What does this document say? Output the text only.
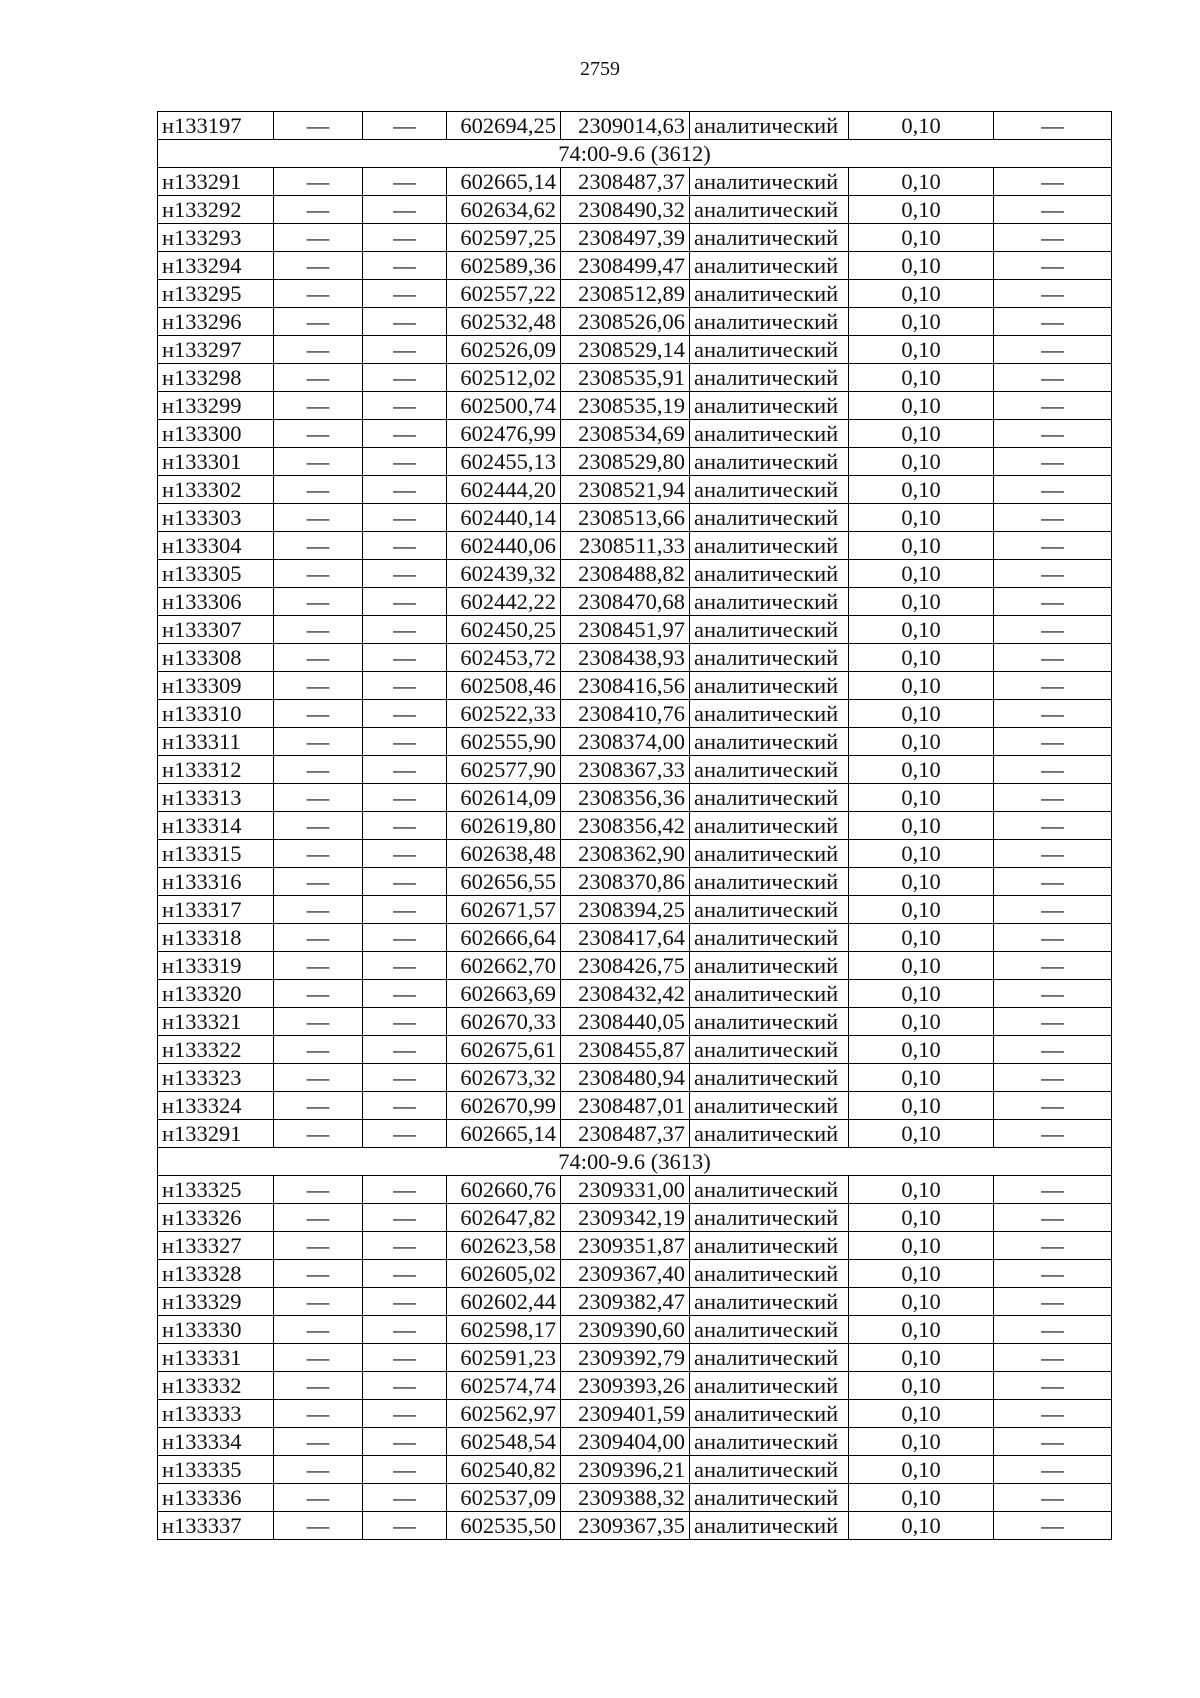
2759
н133197	—	—	602694,25	2309014,63	аналитический	0,10	—
74:00-9.6 (3612)							
н133291	—	—	602665,14	2308487,37	аналитический	0,10	—
н133292	—	—	602634,62	2308490,32	аналитический	0,10	—
н133293	—	—	602597,25	2308497,39	аналитический	0,10	—
н133294	—	—	602589,36	2308499,47	аналитический	0,10	—
н133295	—	—	602557,22	2308512,89	аналитический	0,10	—
н133296	—	—	602532,48	2308526,06	аналитический	0,10	—
н133297	—	—	602526,09	2308529,14	аналитический	0,10	—
н133298	—	—	602512,02	2308535,91	аналитический	0,10	—
н133299	—	—	602500,74	2308535,19	аналитический	0,10	—
н133300	—	—	602476,99	2308534,69	аналитический	0,10	—
н133301	—	—	602455,13	2308529,80	аналитический	0,10	—
н133302	—	—	602444,20	2308521,94	аналитический	0,10	—
н133303	—	—	602440,14	2308513,66	аналитический	0,10	—
н133304	—	—	602440,06	2308511,33	аналитический	0,10	—
н133305	—	—	602439,32	2308488,82	аналитический	0,10	—
н133306	—	—	602442,22	2308470,68	аналитический	0,10	—
н133307	—	—	602450,25	2308451,97	аналитический	0,10	—
н133308	—	—	602453,72	2308438,93	аналитический	0,10	—
н133309	—	—	602508,46	2308416,56	аналитический	0,10	—
н133310	—	—	602522,33	2308410,76	аналитический	0,10	—
н133311	—	—	602555,90	2308374,00	аналитический	0,10	—
н133312	—	—	602577,90	2308367,33	аналитический	0,10	—
н133313	—	—	602614,09	2308356,36	аналитический	0,10	—
н133314	—	—	602619,80	2308356,42	аналитический	0,10	—
н133315	—	—	602638,48	2308362,90	аналитический	0,10	—
н133316	—	—	602656,55	2308370,86	аналитический	0,10	—
н133317	—	—	602671,57	2308394,25	аналитический	0,10	—
н133318	—	—	602666,64	2308417,64	аналитический	0,10	—
н133319	—	—	602662,70	2308426,75	аналитический	0,10	—
н133320	—	—	602663,69	2308432,42	аналитический	0,10	—
н133321	—	—	602670,33	2308440,05	аналитический	0,10	—
н133322	—	—	602675,61	2308455,87	аналитический	0,10	—
н133323	—	—	602673,32	2308480,94	аналитический	0,10	—
н133324	—	—	602670,99	2308487,01	аналитический	0,10	—
н133291	—	—	602665,14	2308487,37	аналитический	0,10	—
74:00-9.6 (3613)							
н133325	—	—	602660,76	2309331,00	аналитический	0,10	—
н133326	—	—	602647,82	2309342,19	аналитический	0,10	—
н133327	—	—	602623,58	2309351,87	аналитический	0,10	—
н133328	—	—	602605,02	2309367,40	аналитический	0,10	—
н133329	—	—	602602,44	2309382,47	аналитический	0,10	—
н133330	—	—	602598,17	2309390,60	аналитический	0,10	—
н133331	—	—	602591,23	2309392,79	аналитический	0,10	—
н133332	—	—	602574,74	2309393,26	аналитический	0,10	—
н133333	—	—	602562,97	2309401,59	аналитический	0,10	—
н133334	—	—	602548,54	2309404,00	аналитический	0,10	—
н133335	—	—	602540,82	2309396,21	аналитический	0,10	—
н133336	—	—	602537,09	2309388,32	аналитический	0,10	—
н133337	—	—	602535,50	2309367,35	аналитический	0,10	—
